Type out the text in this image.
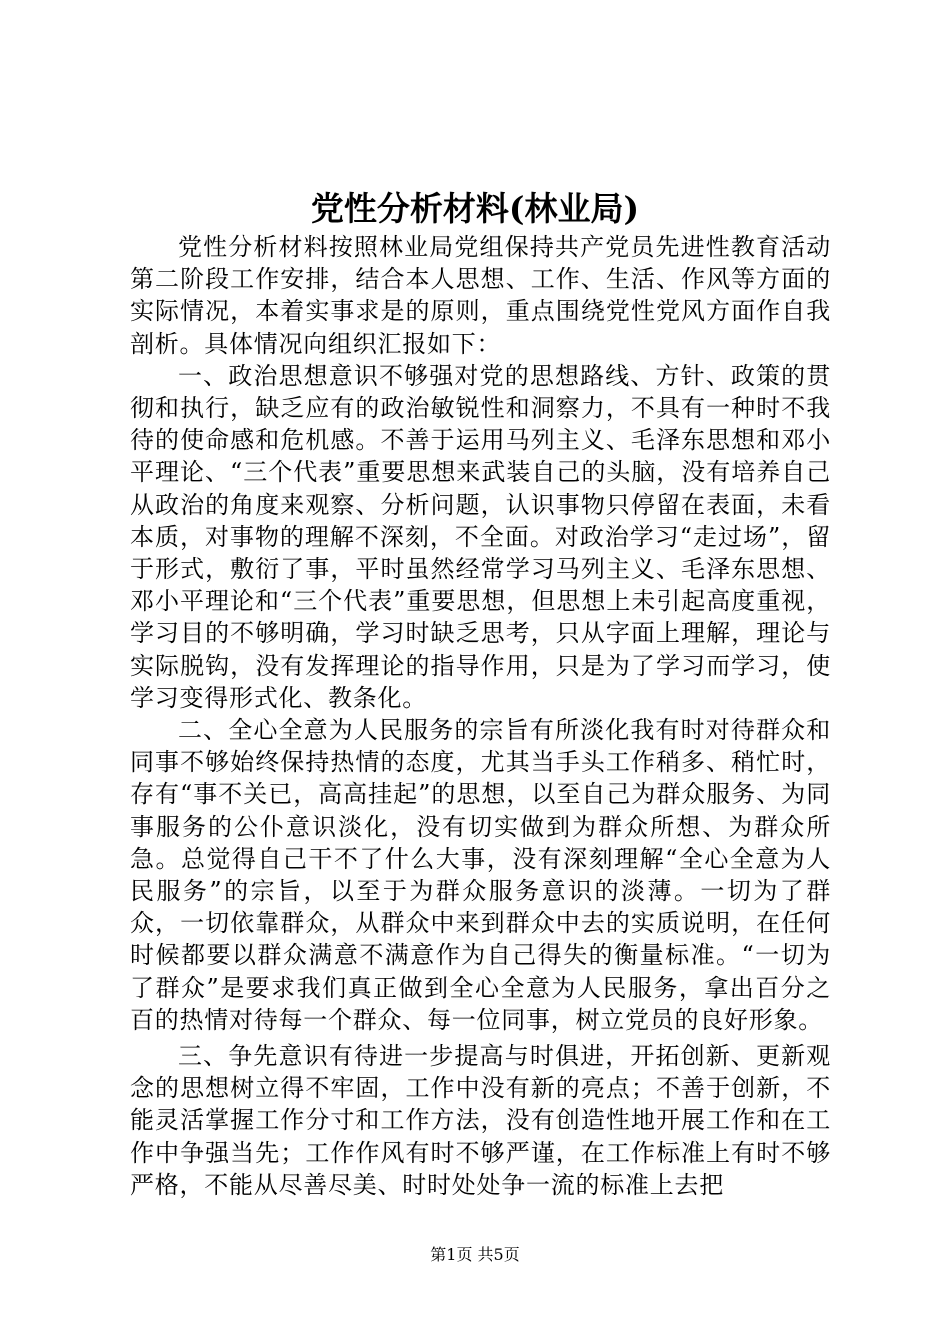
党性分析材料(林业局)

党性分析材料按照林业局党组保持共产党员先进性教育活动第二阶段工作安排，结合本人思想、工作、生活、作风等方面的实际情况，本着实事求是的原则，重点围绕党性党风方面作自我剖析。具体情况向组织汇报如下：

一、政治思想意识不够强对党的思想路线、方针、政策的贯彻和执行，缺乏应有的政治敏锐性和洞察力，不具有一种时不我待的使命感和危机感。不善于运用马列主义、毛泽东思想和邓小平理论、“三个代表”重要思想来武装自己的头脑，没有培养自己从政治的角度来观察、分析问题，认识事物只停留在表面，未看本质，对事物的理解不深刻，不全面。对政治学习“走过场”，留于形式，敷衍了事，平时虽然经常学习马列主义、毛泽东思想、邓小平理论和“三个代表”重要思想，但思想上未引起高度重视，学习目的不够明确，学习时缺乏思考，只从字面上理解，理论与实际脱钩，没有发挥理论的指导作用，只是为了学习而学习，使学习变得形式化、教条化。

二、全心全意为人民服务的宗旨有所淡化我有时对待群众和同事不够始终保持热情的态度，尤其当手头工作稍多、稍忙时，存有“事不关已，高高挂起”的思想，以至自己为群众服务、为同事服务的公仆意识淡化，没有切实做到为群众所想、为群众所急。总觉得自己干不了什么大事，没有深刻理解“全心全意为人民服务”的宗旨，以至于为群众服务意识的淡薄。一切为了群众，一切依靠群众，从群众中来到群众中去的实质说明，在任何时候都要以群众满意不满意作为自己得失的衡量标准。“一切为了群众”是要求我们真正做到全心全意为人民服务，拿出百分之百的热情对待每一个群众、每一位同事，树立党员的良好形象。

三、争先意识有待进一步提高与时俱进，开拓创新、更新观念的思想树立得不牢固，工作中没有新的亮点；不善于创新，不能灵活掌握工作分寸和工作方法，没有创造性地开展工作和在工作中争强当先；工作作风有时不够严谨，在工作标准上有时不够严格，不能从尽善尽美、时时处处争一流的标准上去把

第1页 共5页
